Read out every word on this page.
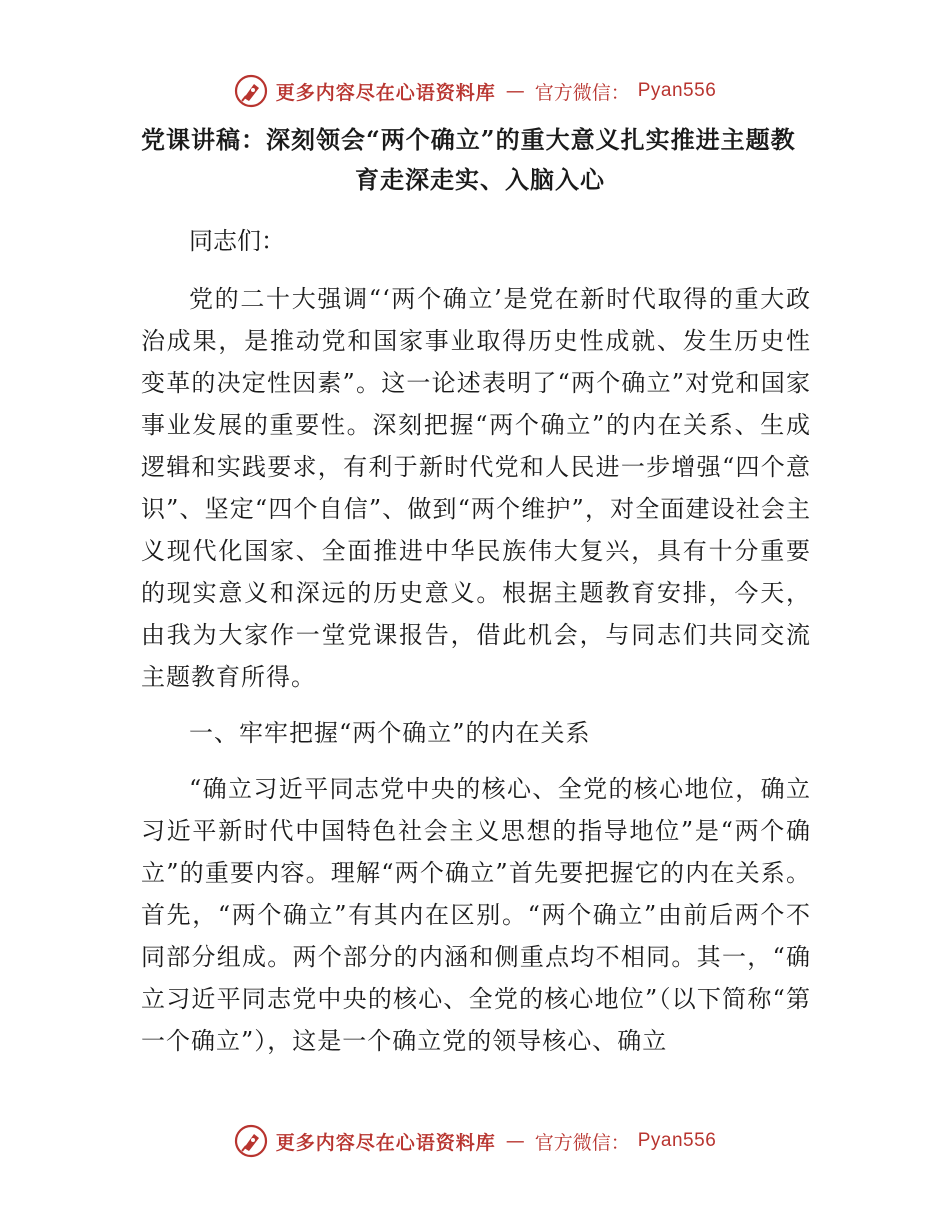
更多内容尽在心语资料库 — 官方微信： Pyan556
党课讲稿：深刻领会“两个确立”的重大意义扎实推进主题教
育走深走实、入脑入心

同志们：

党的二十大强调“‘两个确立’是党在新时代取得的重大政治成果，是推动党和国家事业取得历史性成就、发生历史性变革的决定性因素”。这一论述表明了“两个确立”对党和国家事业发展的重要性。深刻把握“两个确立”的内在关系、生成逻辑和实践要求，有利于新时代党和人民进一步增强“四个意识”、坚定“四个自信”、做到“两个维护”，对全面建设社会主义现代化国家、全面推进中华民族伟大复兴，具有十分重要的现实意义和深远的历史意义。根据主题教育安排，今天，由我为大家作一堂党课报告，借此机会，与同志们共同交流主题教育所得。

一、牢牢把握“两个确立”的内在关系

“确立习近平同志党中央的核心、全党的核心地位，确立习近平新时代中国特色社会主义思想的指导地位”是“两个确立”的重要内容。理解“两个确立”首先要把握它的内在关系。首先，“两个确立”有其内在区别。“两个确立”由前后两个不同部分组成。两个部分的内涵和侧重点均不相同。其一，“确立习近平同志党中央的核心、全党的核心地位”（以下简称“第一个确立”），这是一个确立党的领导核心、确立

更多内容尽在心语资料库 — 官方微信： Pyan556
